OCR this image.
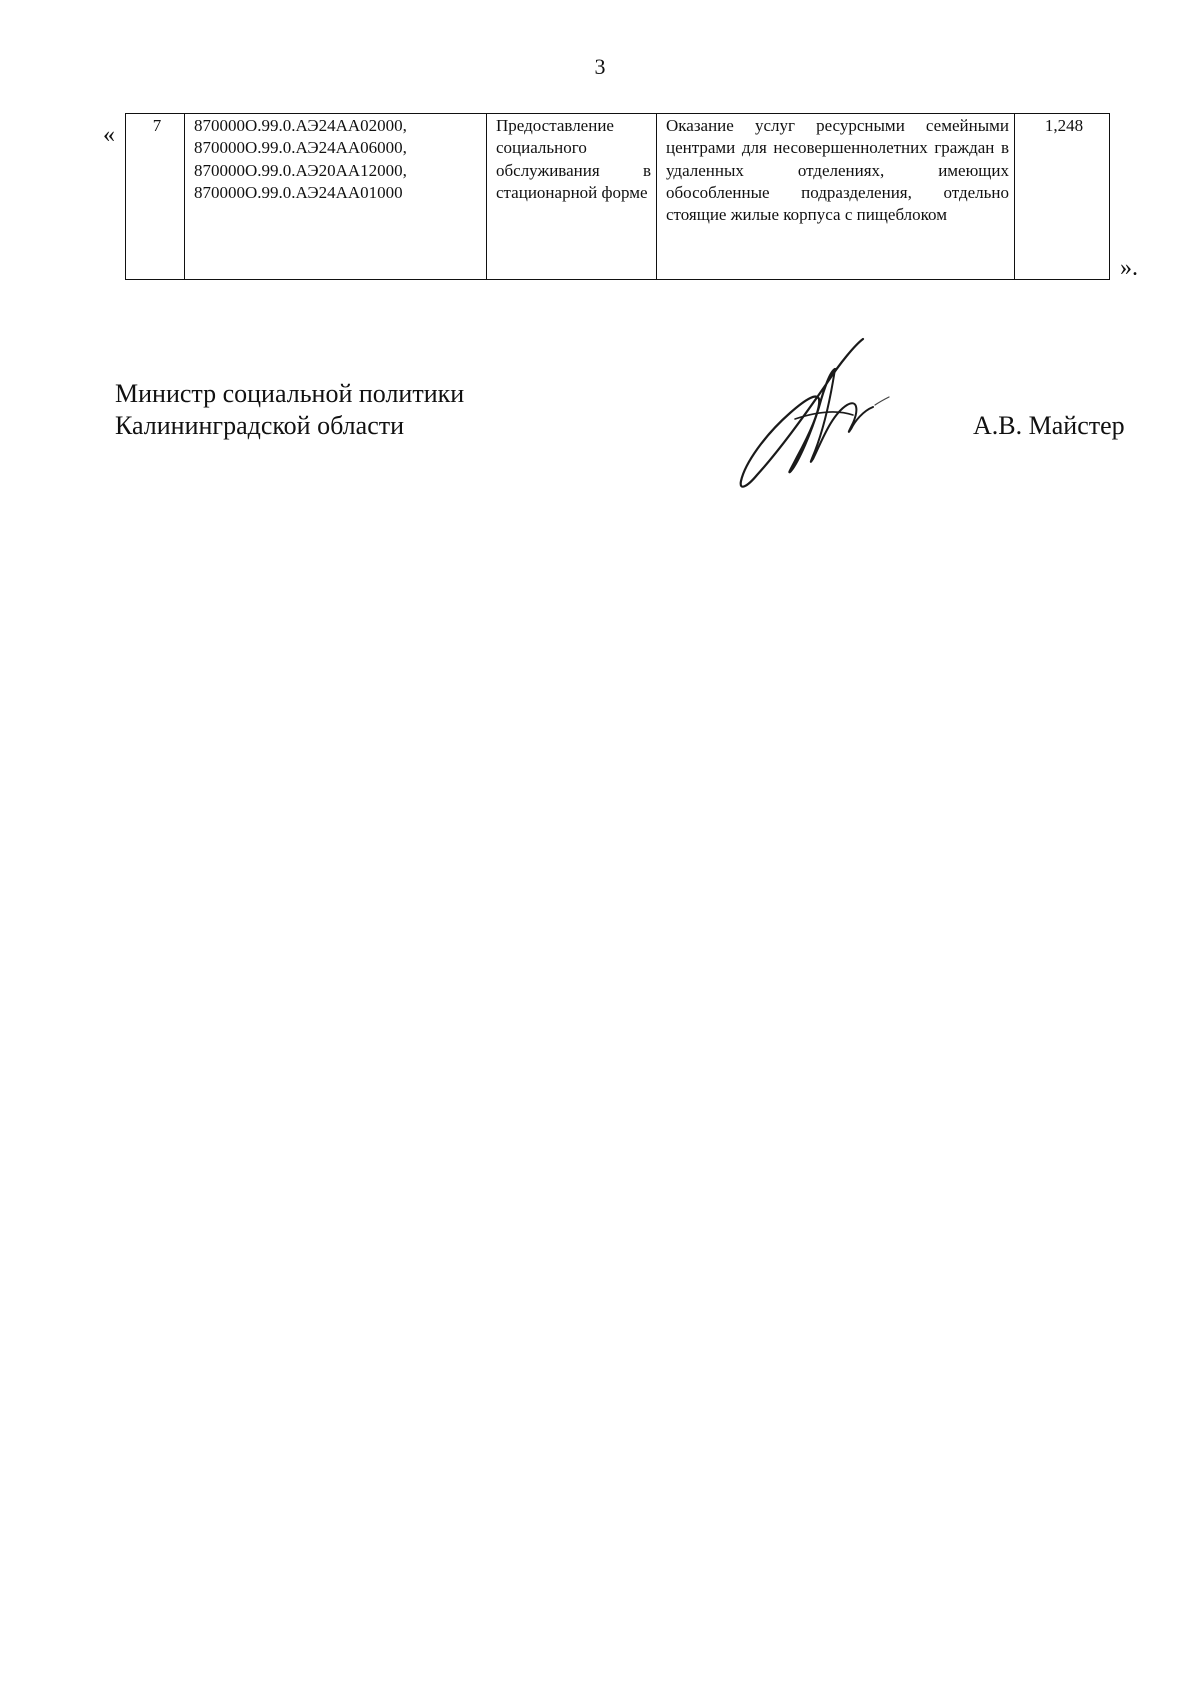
3
« 7	870000О.99.0.АЭ24АА02000,
870000О.99.0.АЭ24АА06000,
870000О.99.0.АЭ20АА12000,
870000О.99.0.АЭ24АА01000
	Предоставление социального обслуживания в стационарной форме	Оказание услуг ресурсными семейными центрами для несовершеннолетних граждан в удаленных отделениях, имеющих обособленные подразделения, отдельно стоящие жилые корпуса с пищеблоком	1,248
».
Министр социальной политики
Калининградской области	А.В. Майстер
